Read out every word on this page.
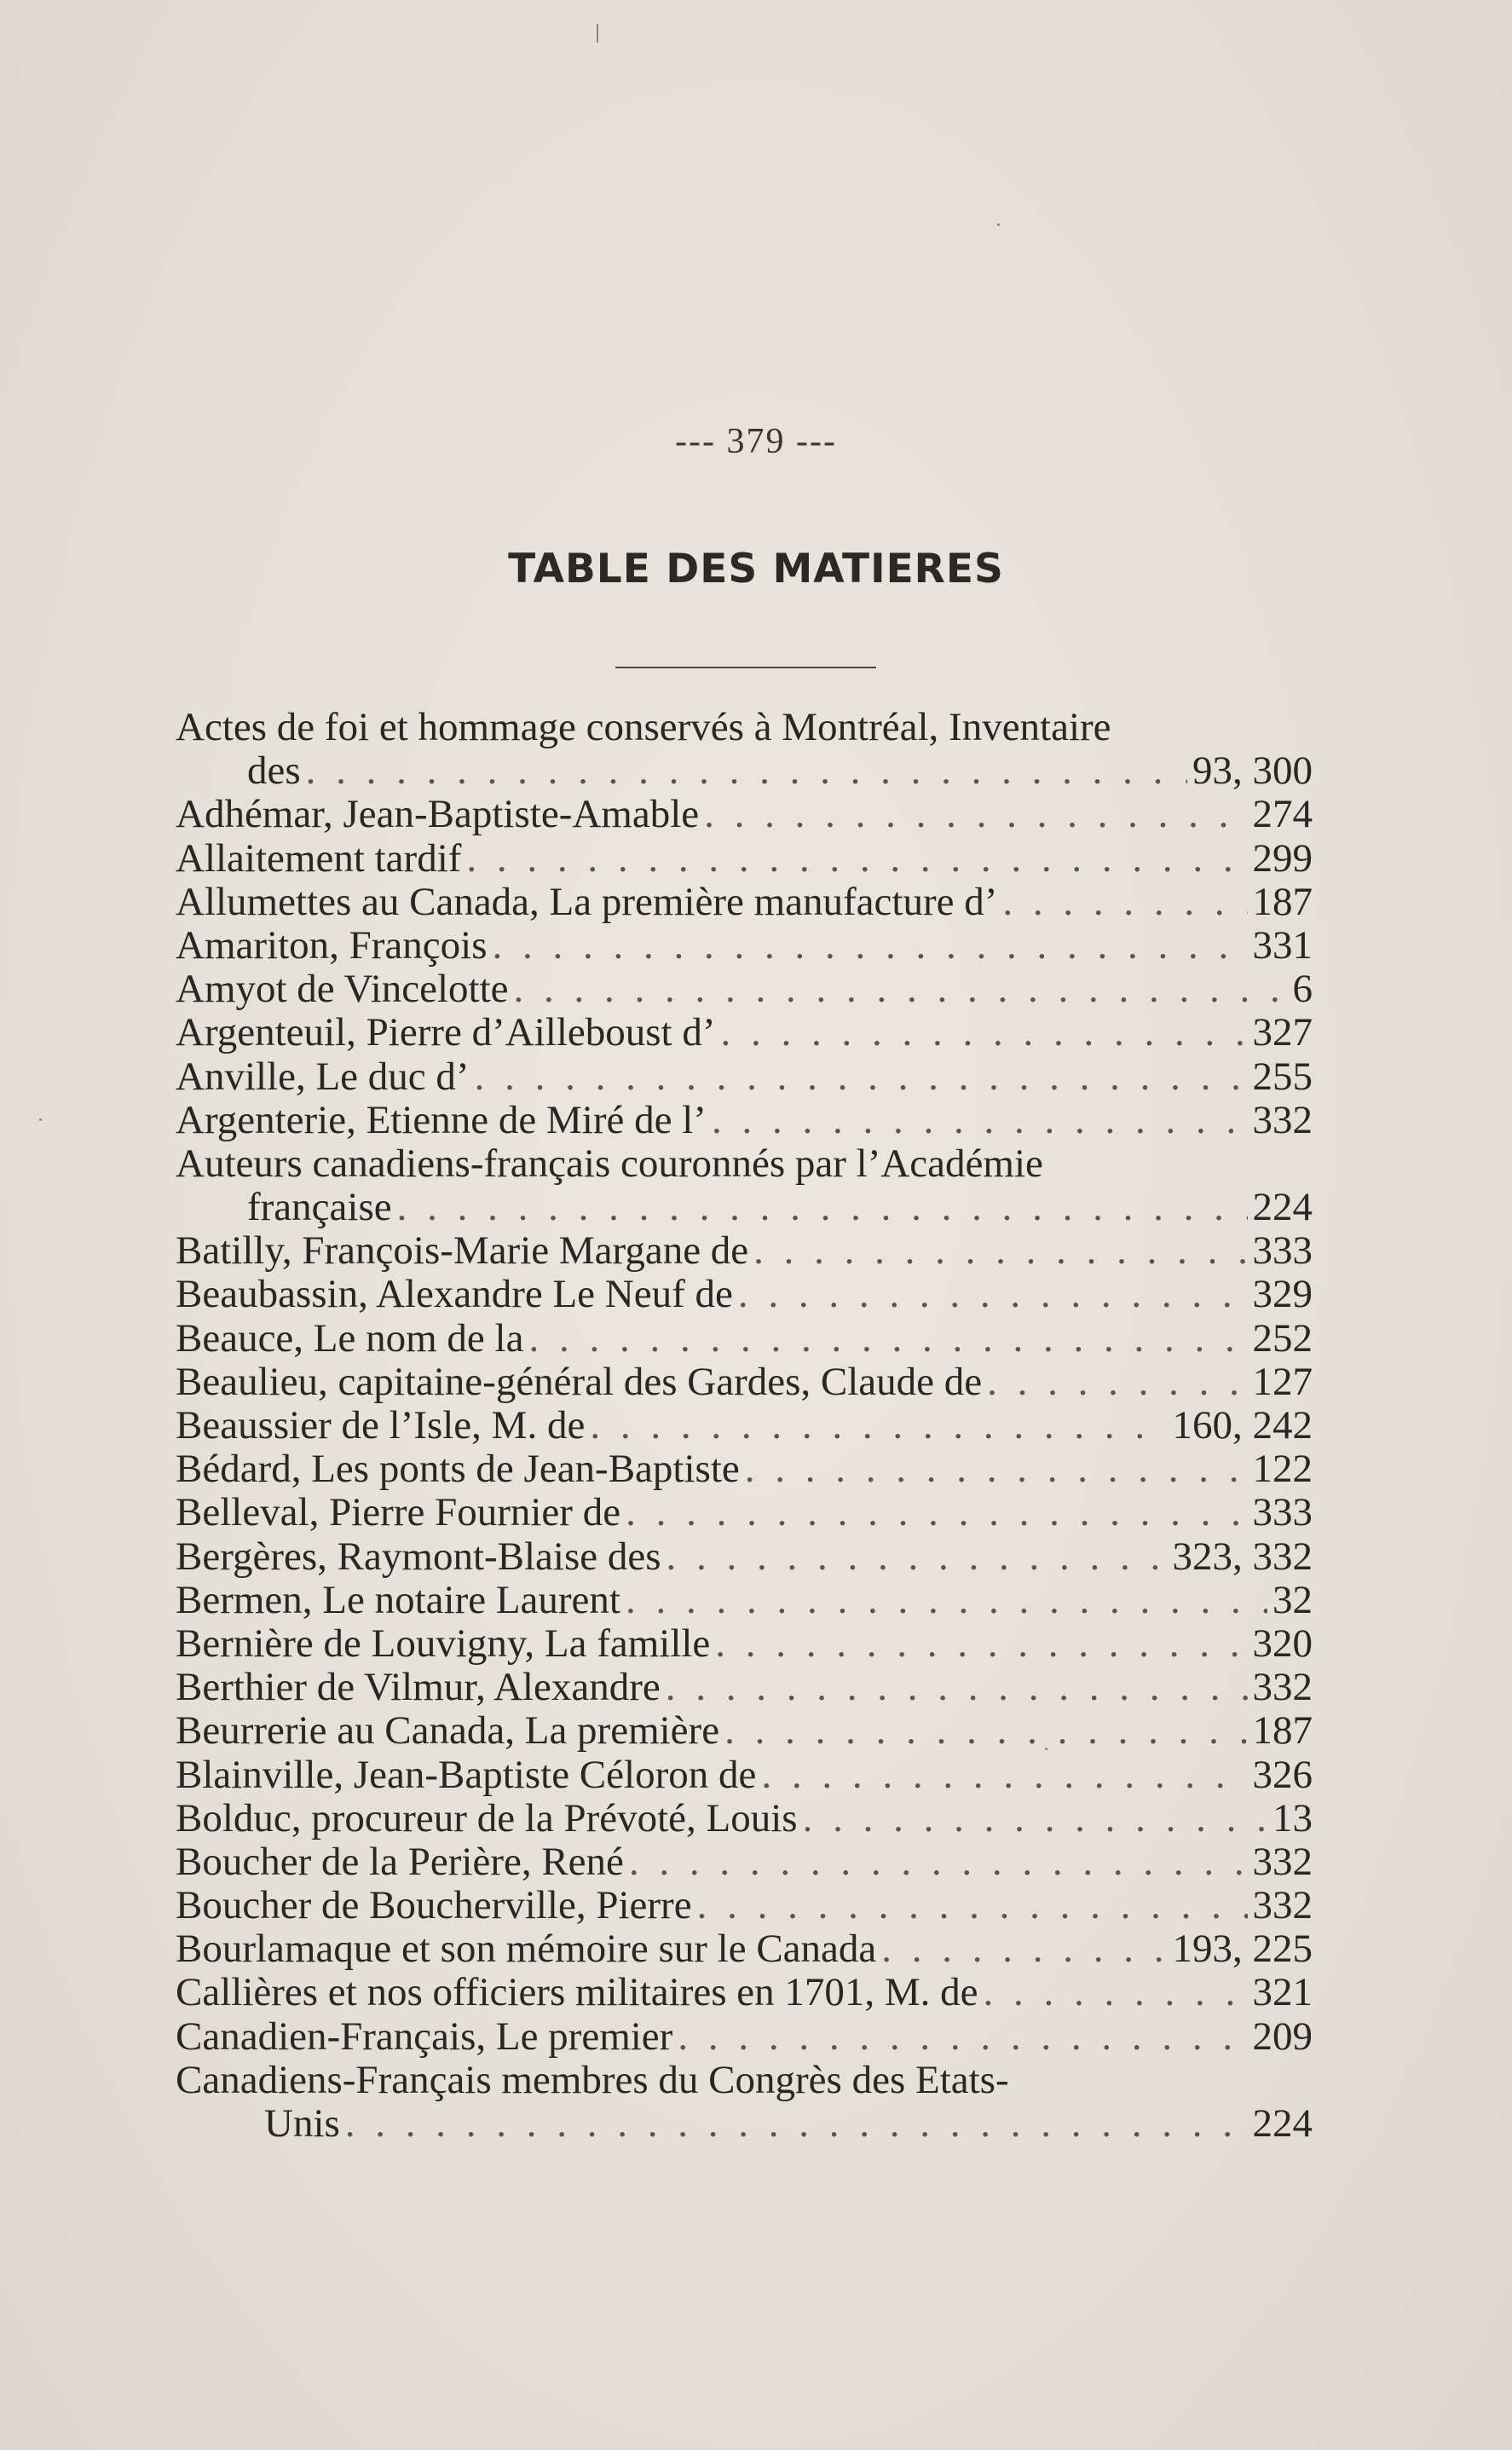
--- 379 ---
TABLE DES MATIERES
Actes de foi et hommage conservés à Montréal, Inventaire
des . . .	93, 300
Adhémar, Jean-Baptiste-Amable . . .	274
Allaitement tardif . . .	299
Allumettes au Canada, La première manufacture d’ . . .	187
Amariton, François . . .	331
Amyot de Vincelotte . . .	6
Argenteuil, Pierre d’Ailleboust d’ . . .	327
Anville, Le duc d’ . . .	255
Argenterie, Etienne de Miré de l’ . . .	332
Auteurs canadiens-français couronnés par l’Académie
française . . .	224
Batilly, François-Marie Margane de . . .	333
Beaubassin, Alexandre Le Neuf de . . .	329
Beauce, Le nom de la . . .	252
Beaulieu, capitaine-général des Gardes, Claude de . . .	127
Beaussier de l’Isle, M. de . . .	160, 242
Bédard, Les ponts de Jean-Baptiste . . .	122
Belleval, Pierre Fournier de . . .	333
Bergères, Raymont-Blaise des . . .	323, 332
Bermen, Le notaire Laurent . . .	32
Bernière de Louvigny, La famille . . .	320
Berthier de Vilmur, Alexandre . . .	332
Beurrerie au Canada, La première . . .	187
Blainville, Jean-Baptiste Céloron de . . .	326
Bolduc, procureur de la Prévoté, Louis . . .	13
Boucher de la Perière, René . . .	332
Boucher de Boucherville, Pierre . . .	332
Bourlamaque et son mémoire sur le Canada . . .	193, 225
Callières et nos officiers militaires en 1701, M. de . . .	321
Canadien-Français, Le premier . . .	209
Canadiens-Français membres du Congrès des Etats-
Unis . . .	224
